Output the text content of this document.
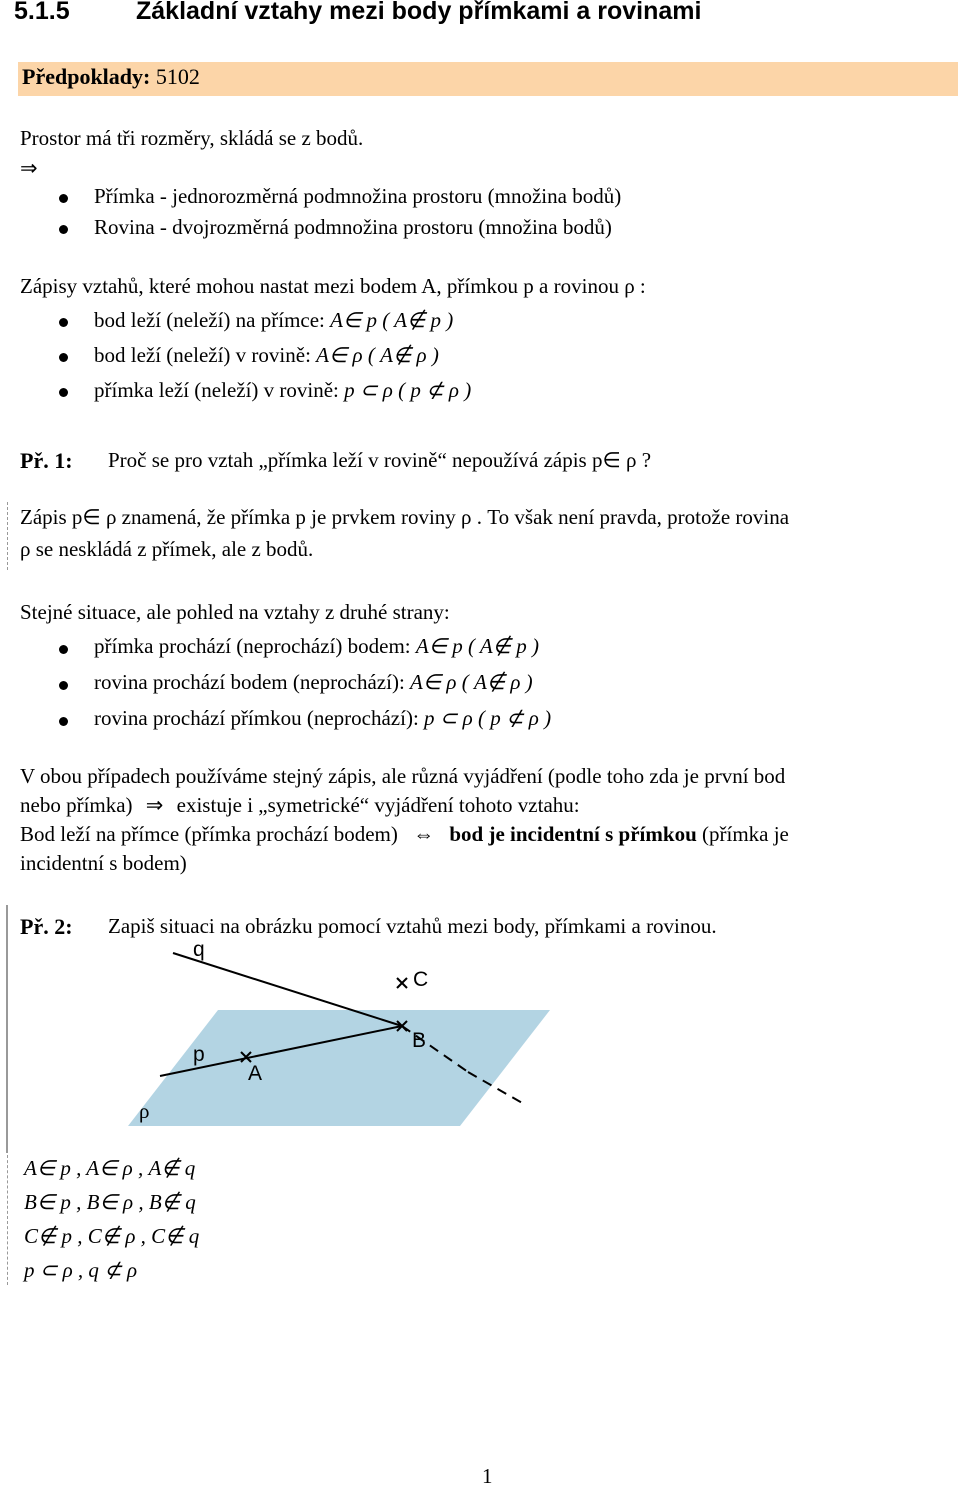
5.1.5	Základní vztahy mezi body přímkami a rovinami
Předpoklady: 5102
Prostor má tři rozměry, skládá se z bodů.
⇒
Přímka - jednorozměrná podmnožina prostoru (množina bodů)
Rovina - dvojrozměrná podmnožina prostoru (množina bodů)
Zápisy vztahů, které mohou nastat mezi bodem A, přímkou p a rovinou ρ :
bod leží (neleží) na přímce: A∈ p ( A∉ p )
bod leží (neleží) v rovině: A∈ ρ ( A∉ ρ )
přímka leží (neleží) v rovině: p ⊂ ρ ( p ⊄ ρ )
Př. 1: Proč se pro vztah „přímka leží v rovině“ nepoužívá zápis p∈ ρ ?
Zápis p∈ ρ znamená, že přímka p je prvkem roviny ρ . To však není pravda, protože rovina
ρ se neskládá z přímek, ale z bodů.
Stejné situace, ale pohled na vztahy z druhé strany:
přímka prochází (neprochází) bodem: A∈ p ( A∉ p )
rovina prochází bodem (neprochází): A∈ ρ ( A∉ ρ )
rovina prochází přímkou (neprochází): p ⊂ ρ ( p ⊄ ρ )
V obou případech používáme stejný zápis, ale různá vyjádření (podle toho zda je první bod
nebo přímka) ⇒ existuje i „symetrické“ vyjádření tohoto vztahu:
Bod leží na přímce (přímka prochází bodem) ⇔ bod je incidentní s přímkou (přímka je
incidentní s bodem)
Př. 2: Zapiš situaci na obrázku pomocí vztahů mezi body, přímkami a rovinou.
q
C
B
p
A
ρ
A∈ p , A∈ ρ , A∉ q
B∈ p , B∈ ρ , B∉ q
C∉ p , C∉ ρ , C∉ q
p ⊂ ρ , q ⊄ ρ
1
